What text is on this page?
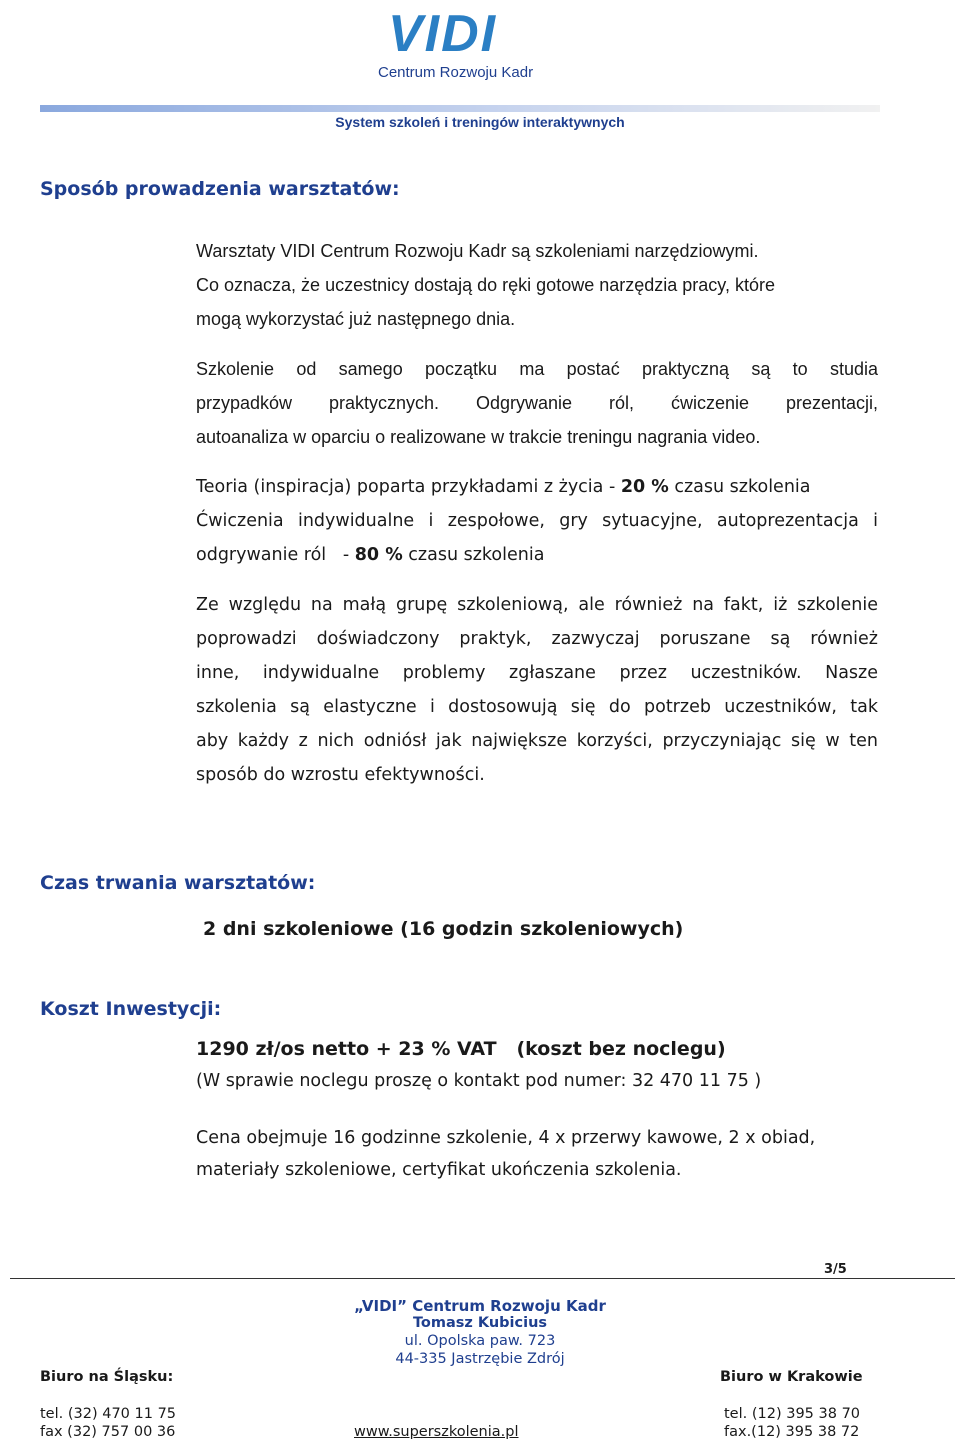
VIDI
Centrum Rozwoju Kadr
System szkoleń i treningów interaktywnych
Sposób prowadzenia warsztatów:
Warsztaty VIDI Centrum Rozwoju Kadr są szkoleniami narzędziowymi.
Co oznacza, że uczestnicy dostają do ręki gotowe narzędzia pracy, które
mogą wykorzystać już następnego dnia.
Szkolenie od samego początku ma postać praktyczną są to studia
przypadków praktycznych. Odgrywanie ról, ćwiczenie prezentacji,
autoanaliza w oparciu o realizowane w trakcie treningu nagrania video.
Teoria (inspiracja) poparta przykładami z życia - 20 % czasu szkolenia
Ćwiczenia indywidualne i zespołowe, gry sytuacyjne, autoprezentacja i
odgrywanie ról   - 80 % czasu szkolenia
Ze względu na małą grupę szkoleniową, ale również na fakt, iż szkolenie
poprowadzi doświadczony praktyk, zazwyczaj poruszane są również
inne, indywidualne problemy zgłaszane przez uczestników. Nasze
szkolenia są elastyczne i dostosowują się do potrzeb uczestników, tak
aby każdy z nich odniósł jak największe korzyści, przyczyniając się w ten
sposób do wzrostu efektywności.
Czas trwania warsztatów:
2 dni szkoleniowe (16 godzin szkoleniowych)
Koszt Inwestycji:
1290 zł/os netto + 23 % VAT (koszt bez noclegu)
(W sprawie noclegu proszę o kontakt pod numer: 32 470 11 75 )
Cena obejmuje 16 godzinne szkolenie, 4 x przerwy kawowe, 2 x obiad,
materiały szkoleniowe, certyfikat ukończenia szkolenia.
3/5
„VIDI” Centrum Rozwoju Kadr
Tomasz Kubicius
ul. Opolska paw. 723
44-335 Jastrzębie Zdrój
Biuro na Śląsku:	Biuro w Krakowie
tel. (32) 470 11 75
fax (32) 757 00 36	www.superszkolenia.pl
tel. (12) 395 38 70
fax.(12) 395 38 72
